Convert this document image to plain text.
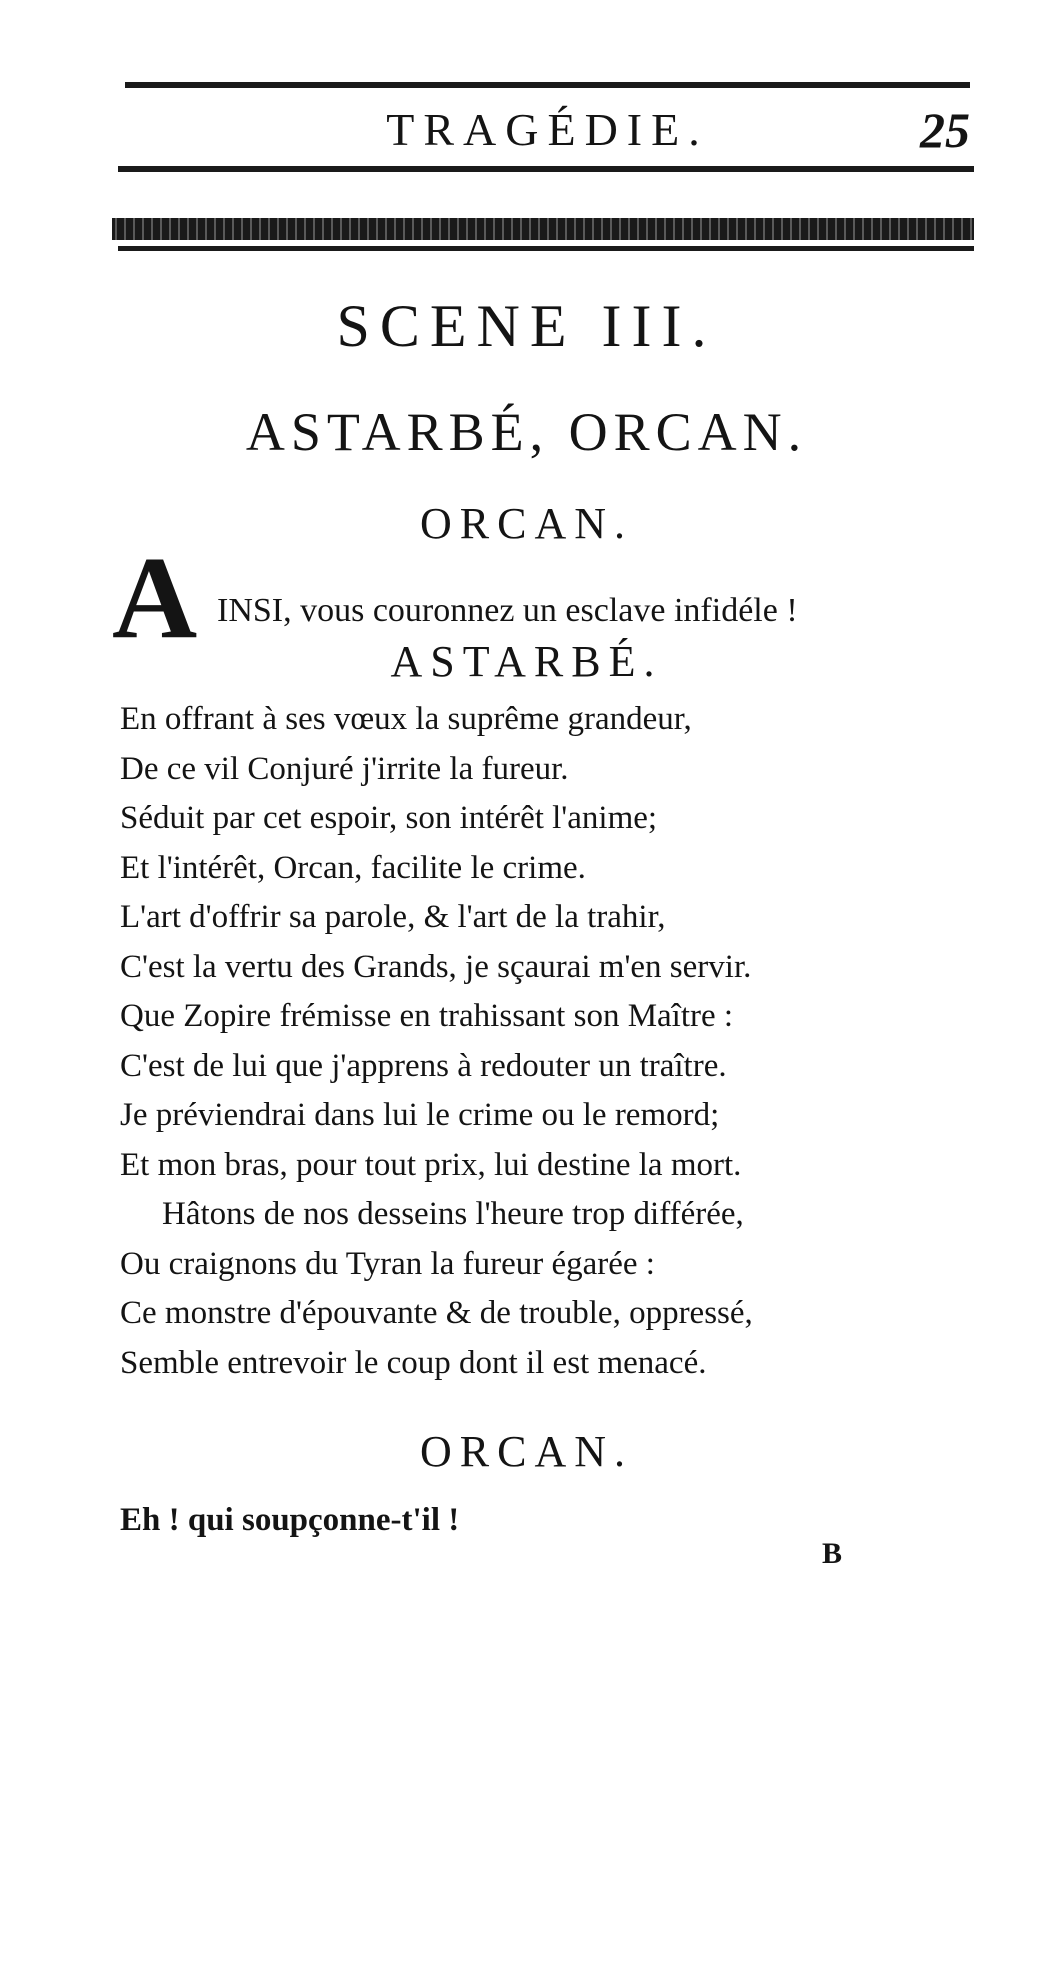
TRAGÉDIE.	25
SCENE III.
ASTARBÉ, ORCAN.
ORCAN.
A INSI, vous couronnez un esclave infidéle !
ASTARBÉ.
En offrant à ses vœux la suprême grandeur,
De ce vil Conjuré j'irrite la fureur.
Séduit par cet espoir, son intérêt l'anime;
Et l'intérêt, Orcan, facilite le crime.
L'art d'offrir sa parole, & l'art de la trahir,
C'est la vertu des Grands, je sçaurai m'en servir.
Que Zopire frémisse en trahissant son Maître :
C'est de lui que j'apprens à redouter un traître.
Je préviendrai dans lui le crime ou le remord;
Et mon bras, pour tout prix, lui destine la mort.
Hâtons de nos desseins l'heure trop différée,
Ou craignons du Tyran la fureur égarée :
Ce monstre d'épouvante & de trouble, oppressé,
Semble entrevoir le coup dont il est menacé.
ORCAN.
Eh ! qui soupçonne-t'il !
B
